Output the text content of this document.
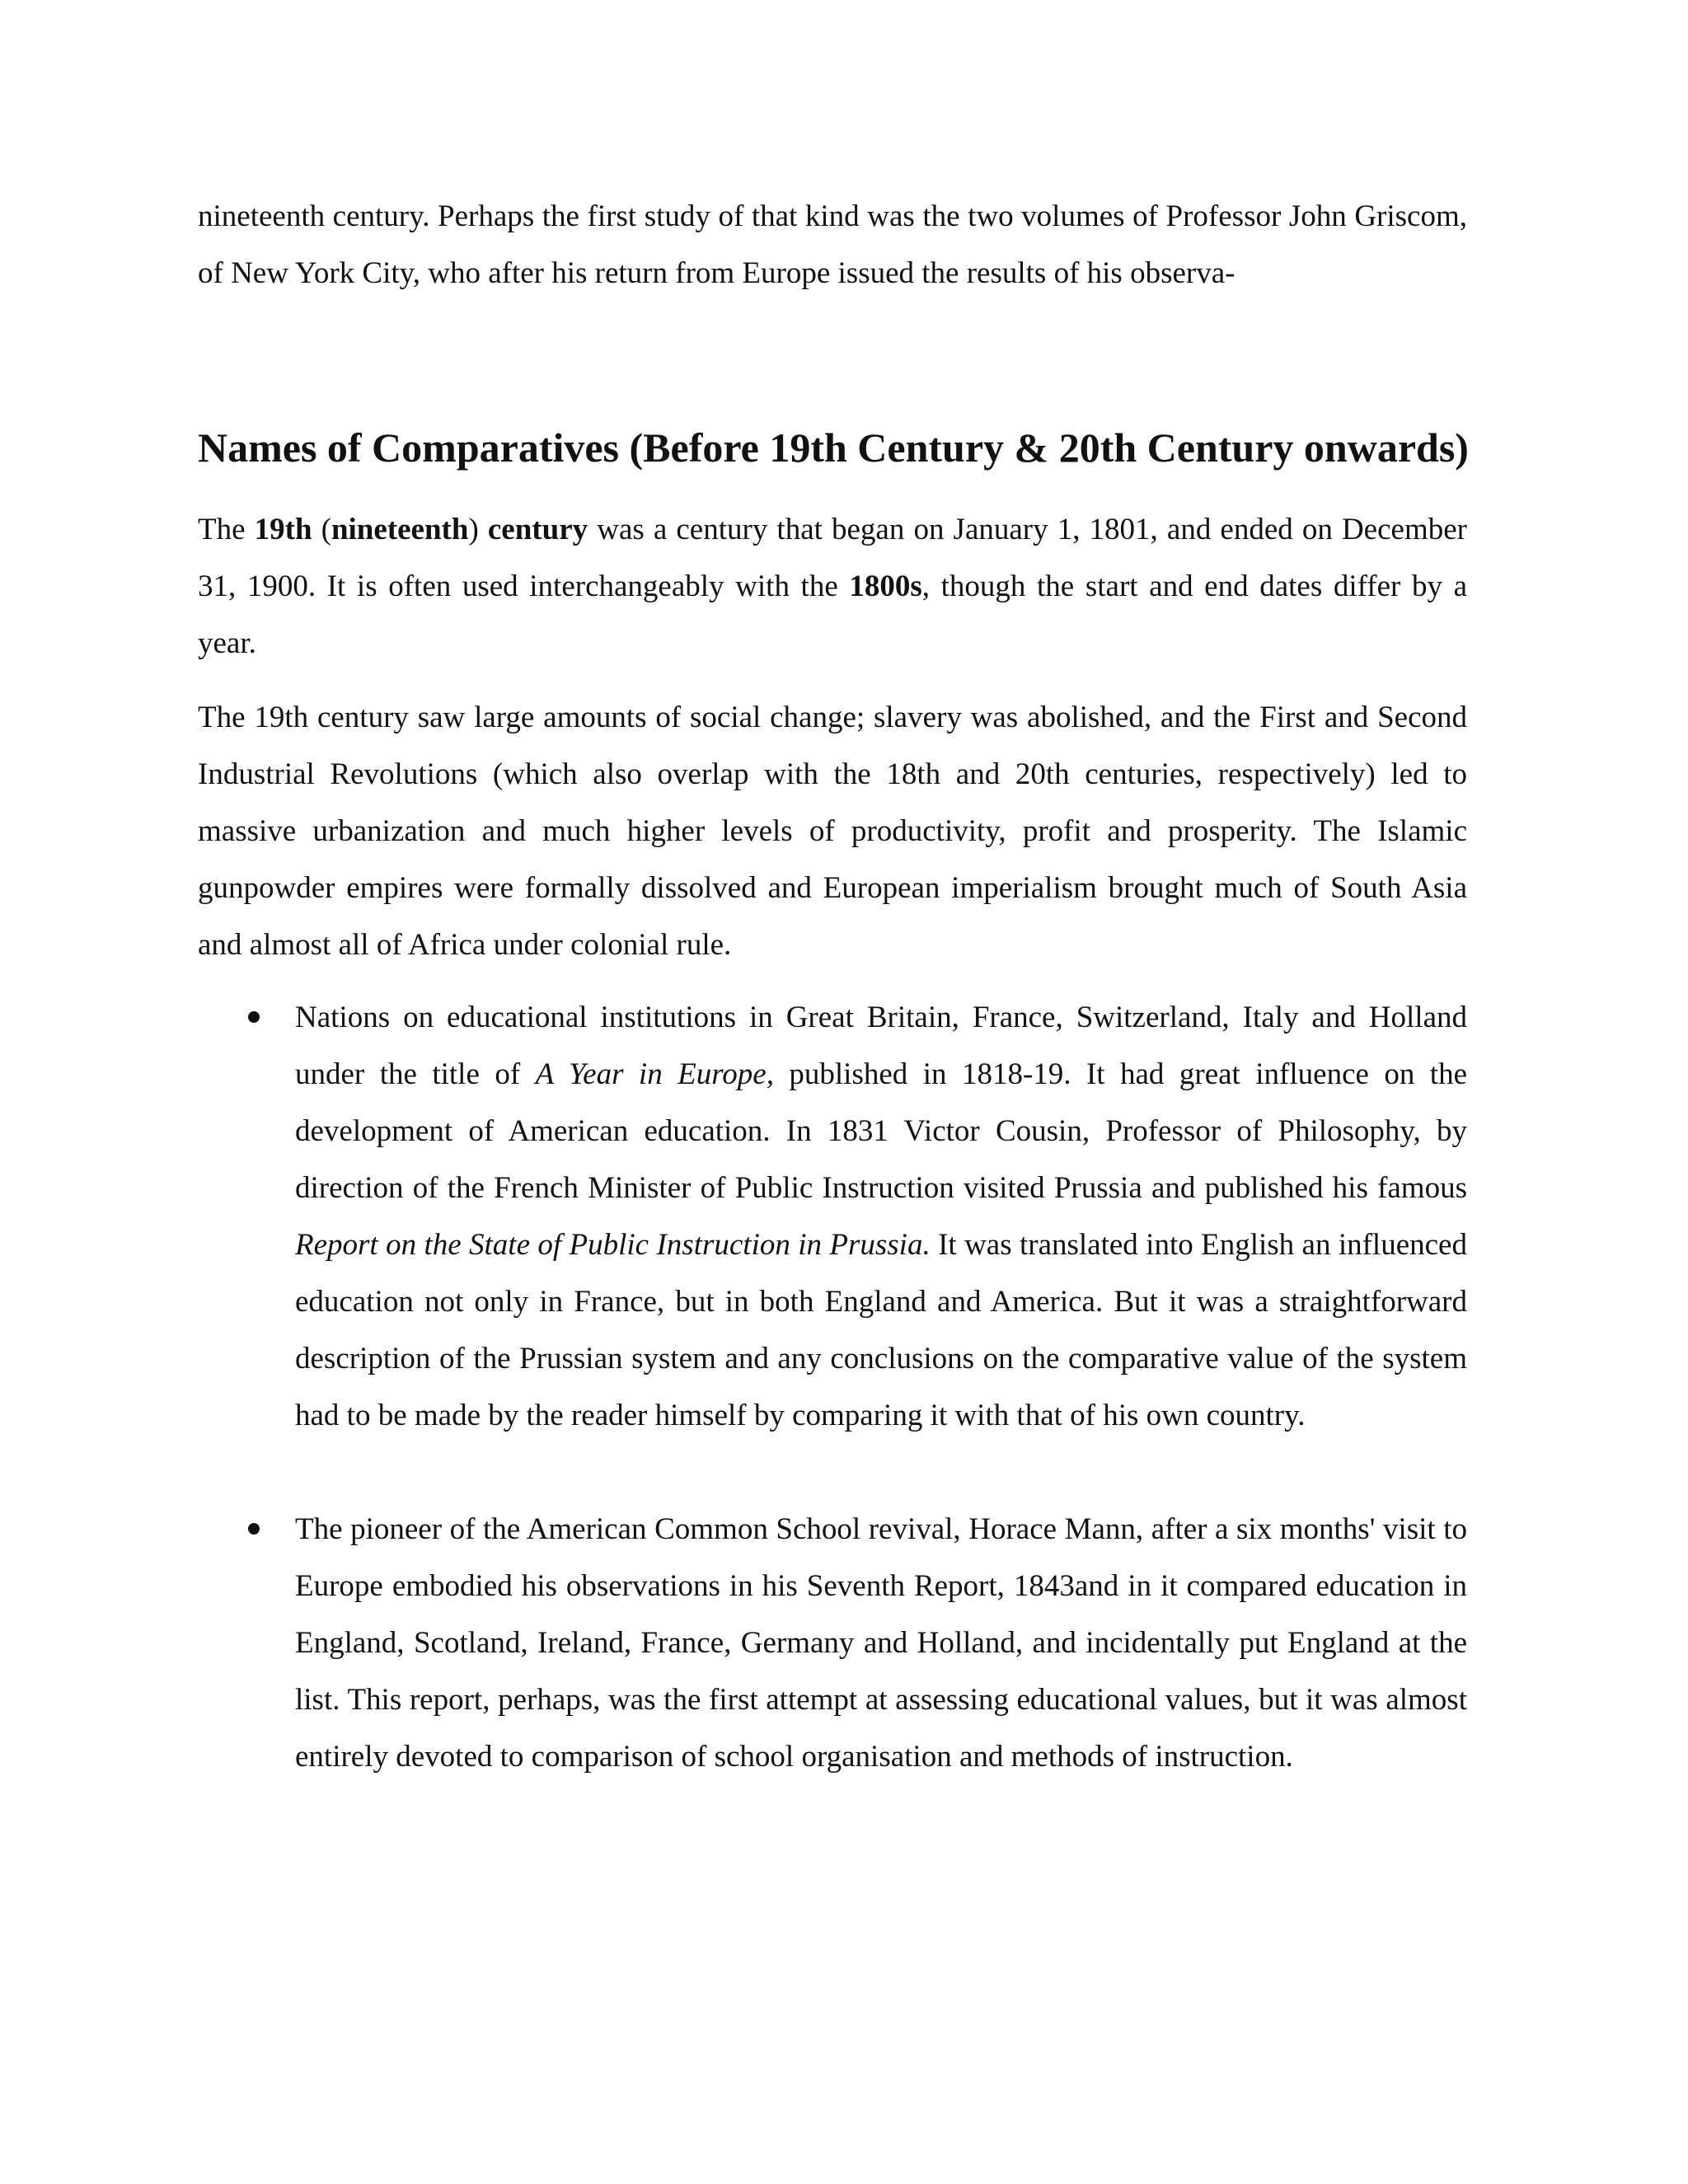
nineteenth century. Perhaps the first study of that kind was the two volumes of Professor John Griscom, of New York City, who after his return from Europe issued the results of his observa-

Names of Comparatives (Before 19th Century & 20th Century onwards)

The 19th (nineteenth) century was a century that began on January 1, 1801, and ended on December 31, 1900. It is often used interchangeably with the 1800s, though the start and end dates differ by a year.

The 19th century saw large amounts of social change; slavery was abolished, and the First and Second Industrial Revolutions (which also overlap with the 18th and 20th centuries, respectively) led to massive urbanization and much higher levels of productivity, profit and prosperity. The Islamic gunpowder empires were formally dissolved and European imperialism brought much of South Asia and almost all of Africa under colonial rule.

Nations on educational institutions in Great Britain, France, Switzerland, Italy and Holland under the title of A Year in Europe, published in 1818-19. It had great influence on the development of American education. In 1831 Victor Cousin, Professor of Philosophy, by direction of the French Minister of Public Instruction visited Prussia and published his famous Report on the State of Public Instruction in Prussia. It was translated into English an influenced education not only in France, but in both England and America. But it was a straightforward description of the Prussian system and any conclusions on the comparative value of the system had to be made by the reader himself by comparing it with that of his own country.

The pioneer of the American Common School revival, Horace Mann, after a six months' visit to Europe embodied his observations in his Seventh Report, 1843and in it compared education in England, Scotland, Ireland, France, Germany and Holland, and incidentally put England at the list. This report, perhaps, was the first attempt at assessing educational values, but it was almost entirely devoted to comparison of school organisation and methods of instruction.
